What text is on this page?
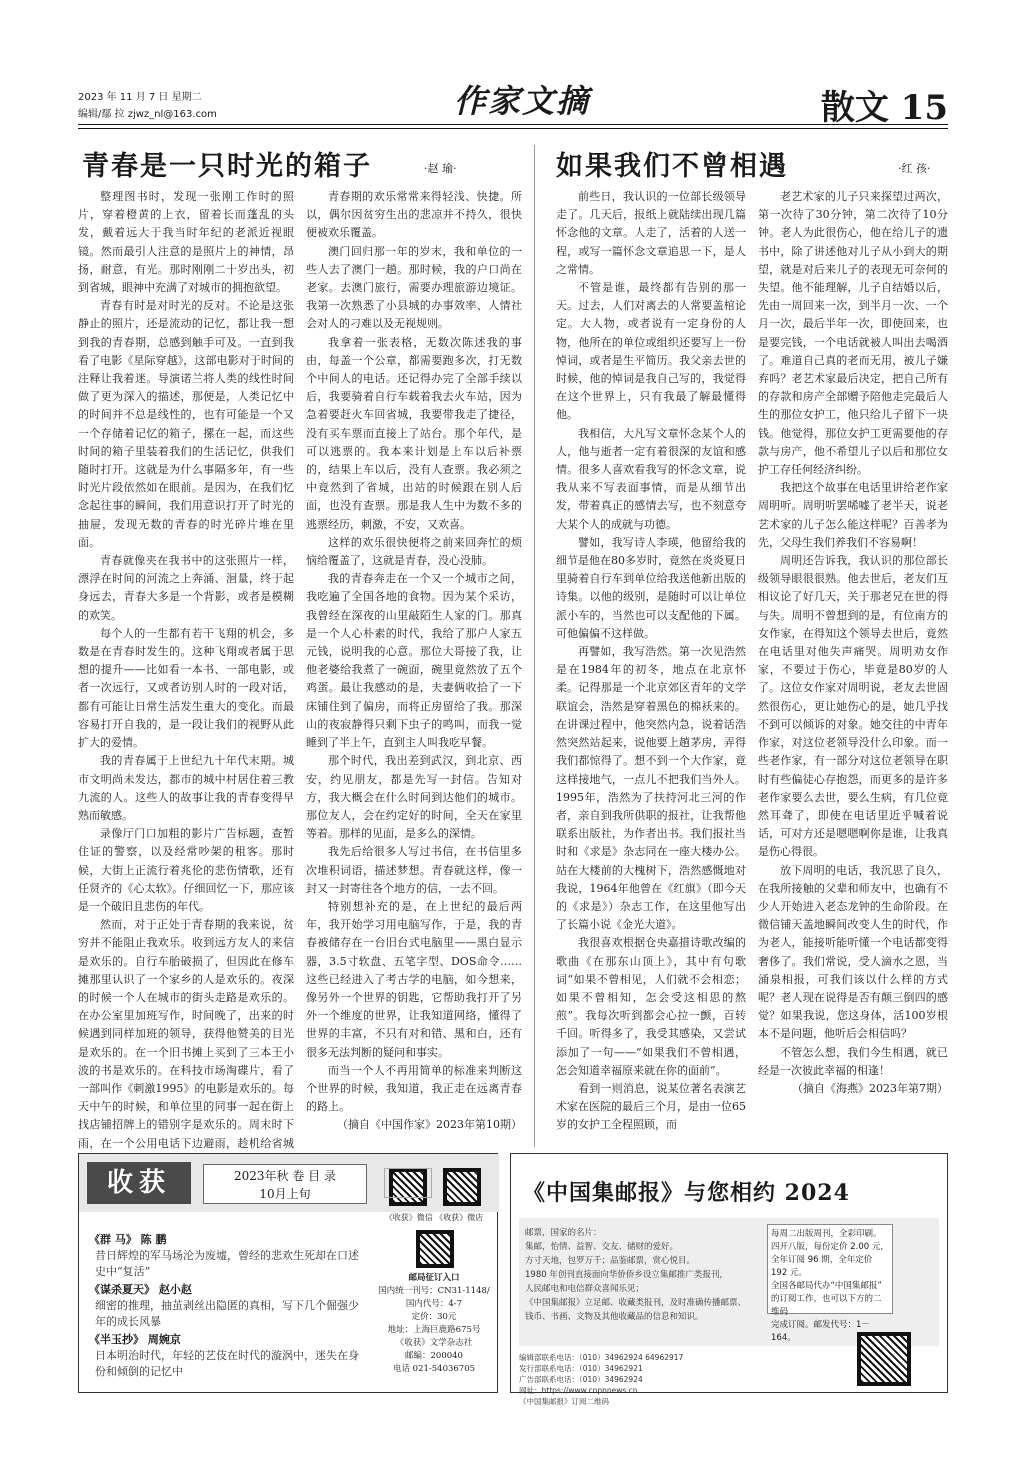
2023 年 11 月 7 日 星期二
编辑/鄢 拉 zjwz_nl@163.com	作家文摘	散文 15
青春是一只时光的箱子	·赵 瑜·

整理图书时，发现一张刚工作时的照片，穿着橙黄的上衣，留着长而蓬乱的头发，戴着远大于我当时年纪的老派近视眼镜。然而最引人注意的是照片上的神情，昂扬，耐意，有光。那时刚刚二十岁出头，初到省城，眼神中充满了对城市的拥抱欲望。

青春有时是对时光的反对。不论是这张静止的照片，还是流动的记忆，都让我一想到我的青春期，总感到触手可及。一直到我看了电影《星际穿越》，这部电影对于时间的注释让我着迷。导演诺兰将人类的线性时间做了更为深入的描述，那便是，人类记忆中的时间并不总是线性的，也有可能是一个又一个存储着记忆的箱子，摞在一起，而这些时间的箱子里装着我们的生活记忆，供我们随时打开。这就是为什么事隔多年，有一些时光片段依然如在眼前。是因为，在我们忆念起往事的瞬间，我们用意识打开了时光的抽屉，发现无数的青春的时光碎片堆在里面。

青春就像夹在我书中的这张照片一样，漂浮在时间的河流之上奔涌、洄量，终于起身远去，青春大多是一个背影，或者是模糊的欢笑。

每个人的一生都有若干飞翔的机会，多数是在青春时发生的。这种飞翔或者属于思想的提升——比如看一本书、一部电影，或者一次远行，又或者访别人时的一段对话，都有可能让日常生活发生重大的变化。而最容易打开自我的，是一段让我们的视野从此扩大的爱情。

我的青春属于上世纪九十年代末期。城市文明尚未发达，都市的城中村居住着三教九流的人。这些人的故事让我的青春变得早熟而敏感。

录像厅门口加粗的影片广告标题，查暂住证的警察，以及经常吵架的租客。那时候，大街上正流行着兆伦的悲伤情歌，还有任贤齐的《心太软》。仔细回忆一下，那应该是一个破旧且悲伤的年代。

然而，对于正处于青春期的我来说，贫穷并不能阻止我欢乐。收到远方友人的来信是欢乐的。自行车胎破损了，但因此在修车摊那里认识了一个家乡的人是欢乐的。夜深的时候一个人在城市的街头走路是欢乐的。在办公室里加班写作，时间晚了，出来的时候遇到同样加班的领导，获得他赞美的目光是欢乐的。在一个旧书摊上买到了三本王小波的书是欢乐的。在科技市场淘碟片，看了一部叫作《刺激1995》的电影是欢乐的。每天中午的时候，和单位里的同事一起在街上找店铺招牌上的错别字是欢乐的。周末时下雨，在一个公用电话下边避雨，趁机给省城

青春期的欢乐常常来得轻浅、快捷。所以，偶尔因贫穷生出的悲凉并不持久，很快便被欢乐覆盖。

澳门回归那一年的岁末，我和单位的一些人去了澳门一趟。那时候，我的户口尚在老家。去澳门旅行，需要办理旅游边境证。我第一次熟悉了小县城的办事效率、人情社会对人的刁难以及无视规则。

我拿着一张表格，无数次陈述我的事由，每盖一个公章，都需要跑多次，打无数个中间人的电话。还记得办完了全部手续以后，我要骑着自行车载着我去火车站，因为急着要赶火车回省城，我要带我走了捷径，没有买车票而直接上了站台。那个年代，是可以逃票的。我本来计划是上车以后补票的，结果上车以后，没有人查票。我必须之中竟然到了省城，出站的时候跟在别人后面，也没有查票。那是我人生中为数不多的逃票经历，刺激，不安，又欢喜。

这样的欢乐很快便将之前来回奔忙的烦恼给覆盖了，这就是青春，没心没肺。

我的青春奔走在一个又一个城市之间，我吃遍了全国各地的食物。因为某个采访，我曾经在深夜的山里敲陌生人家的门。那真是一个人心朴素的时代，我给了那户人家五元钱，说明我的心意。那位大哥接了我，让他老婆给我煮了一碗面，碗里竟然放了五个鸡蛋。最让我感动的是，夫妻俩收拾了一下床铺住到了偏房，而将正房留给了我。那深山的夜寂静得只剩下虫子的鸣叫，而我一觉睡到了半上午，直到主人叫我吃早餐。

那个时代，我出差到武汉，到北京、西安，约见朋友，都是先写一封信。告知对方，我大概会在什么时间到达他们的城市。那位友人，会在约定好的时间，全天在家里等着。那样的见面，是多么的深情。

我先后给很多人写过书信，在书信里多次堆积词语，描述梦想。青春就这样，像一封又一封寄往各个地方的信，一去不回。

特别想补充的是，在上世纪的最后两年，我开始学习用电脑写作，于是，我的青春被储存在一台旧台式电脑里——黑白显示器，3.5寸软盘、五笔字型、DOS命令……这些已经进入了考古学的电脑，如今想来，像另外一个世界的钥匙，它帮助我打开了另外一个维度的世界，让我知道网络，懂得了世界的丰富，不只有对和错、黑和白，还有很多无法判断的疑问和事实。

而当一个人不再用简单的标准来判断这个世界的时候，我知道，我正走在远离青春的路上。

（摘自《中国作家》2023年第10期）
如果我们不曾相遇	·红 孩·

前些日，我认识的一位部长级领导走了。几天后，报纸上就陆续出现几篇怀念他的文章。人走了，活着的人送一程，或写一篇怀念文章追思一下，是人之常情。

不管是谁，最终都有告别的那一天。过去，人们对离去的人常要盖棺论定。大人物，或者说有一定身份的人物，他所在的单位或组织还要写上一份悼词，或者是生平简历。我父亲去世的时候，他的悼词是我自己写的，我觉得在这个世界上，只有我最了解最懂得他。

我相信，大凡写文章怀念某个人的人，他与逝者一定有着很深的友谊和感情。很多人喜欢看我写的怀念文章，说我从来不写表面事情，而是从细节出发，带着真正的感情去写，也不刻意夸大某个人的成就与功德。

譬如，我写诗人李瑛，他留给我的细节是他在80多岁时，竟然在炎炎夏日里骑着自行车到单位给我送他新出版的诗集。以他的级别，是随时可以让单位派小车的，当然也可以支配他的下属。可他偏偏不这样做。

再譬如，我写浩然。第一次见浩然是在1984年的初冬，地点在北京怀柔。记得那是一个北京郊区青年的文学联谊会，浩然是穿着黑色的棉袄来的。在讲课过程中，他突然内急，说着话浩然突然站起来，说他要上趟茅房，弄得我们都惊得了。想不到一个大作家，竟这样接地气，一点儿不把我们当外人。1995年，浩然为了扶持河北三河的作者，亲自到我所供职的报社，让我帮他联系出版社，为作者出书。我们报社当时和《求是》杂志同在一座大楼办公。站在大楼前的大槐树下，浩然感慨地对我说，1964年他曾在《红旗》（即今天的《求是》）杂志工作，在这里他写出了长篇小说《金光大道》。

我很喜欢根据仓央嘉措诗歌改编的歌曲《在那东山顶上》，其中有句歌词“如果不曾相见，人们就不会相恋；如果不曾相知，怎会受这相思的熬煎”。我每次听到都会心拉一颤，百转千回。听得多了，我受其感染，又尝试添加了一句——“如果我们不曾相遇，怎会知道幸福原来就在你的面前”。

看到一则消息，说某位著名表演艺术家在医院的最后三个月，是由一位65岁的女护工全程照顾，而

老艺术家的儿子只来探望过两次，第一次待了30分钟，第二次待了10分钟。老人为此很伤心，他在给儿子的遗书中，除了讲述他对儿子从小到大的期望，就是对后来儿子的表现无可奈何的失望。他不能理解，儿子自结婚以后，先由一周回来一次，到半月一次、一个月一次，最后半年一次，即使回来，也是要完钱，一个电话就被人叫出去喝酒了。难道自己真的老而无用，被儿子嫌弃吗？老艺术家最后决定，把自己所有的存款和房产全部赠予陪他走完最后人生的那位女护工，他只给儿子留下一块钱。他觉得，那位女护工更需要他的存款与房产，他不希望儿子以后和那位女护工存任何经济纠纷。

我把这个故事在电话里讲给老作家周明听。周明听罢唏嘘了老半天，说老艺术家的儿子怎么能这样呢？百善孝为先，父母生我们养我们不容易啊！

周明还告诉我，我认识的那位部长级领导眼很很熟。他去世后，老友们互相议论了好几天，关于那老兄在世的得与失。周明不曾想到的是，有位南方的女作家，在得知这个领导去世后，竟然在电话里对他失声痛哭。周明劝女作家，不要过于伤心，毕竟是80岁的人了。这位女作家对周明说，老友去世固然很伤心，更让她伤心的是，她几乎找不到可以倾诉的对象。她交往的中青年作家，对这位老领导没什么印象。而一些老作家，有一部分对这位老领导在职时有些偏徒心存抱怨，而更多的是许多老作家要么去世，要么生病，有几位竟然耳聋了，即使在电话里近乎喊着说话，可对方还是嗯嗯啊你是谁，让我真是伤心得很。

放下周明的电话，我沉思了良久，在我所接触的父辈和师友中，也确有不少人开始进入老态龙钟的生命阶段。在微信铺天盖地瞬间改变人生的时代，作为老人，能接听能听懂一个电话都变得奢侈了。我们常说，受人滴水之恩，当涌泉相报，可我们该以什么样的方式呢？老人现在说得是否有颠三倒四的感觉？如果我说，您这身体，活100岁根本不是问题，他听后会相信吗？

不管怎么想，我们今生相遇，就已经是一次彼此幸福的相逢！

（摘自《海燕》2023年第7期）
收获	2023年秋 卷 目 录
10月上旬
《收获》微信 《收获》微店
《群 马》 陈 鹏
昔日辉煌的军马场沦为废墟，曾经的悲欢生死却在口述史中“复活”
《谋杀夏天》 赵小赵
细密的推理，抽茧剥丝出隐匿的真相，写下几个倔强少年的成长风暴
《半玉抄》 周婉京
日本明治时代，年轻的艺伎在时代的漩涡中，迷失在身份和倾倒的记忆中
邮局征订入口
国内统一刊号：CN31-1148/
国内代号：4-7
定价：30元
地址：上海巨鹿路675号
《收获》文学杂志社
邮编：200040
电话 021-54036705
《中国集邮报》与您相约 2024
邮票，国家的名片：
集邮，怡情、益智、交友、储财的爱好。
方寸天地，包罗万千；品鉴邮票，赏心悦目。
1980 年创刊直接面向华侨侨乡设立集邮推广类报刊，
人民邮电和电信群众喜闻乐见；
《中国集邮报》立足邮、收藏类报刊，及时准确传播邮票、
钱币、书画、文物及其他收藏品的信息和知识。
每周二出版周刊，全彩印刷。
四开八版，每份定价 2.00 元，
全年订阅 96 期，全年定价 192 元。
全国各邮局代办“中国集邮报”
的订阅工作，也可以下方的二维码
完成订阅。邮发代号：1－164。
编辑部联系电话：（010）34962924 64962917
发行部联系电话：（010）34962921
广告部联系电话：（010）34962924
网址：https://www.cnpnnews.cn
《中国集邮报》订阅二维码
